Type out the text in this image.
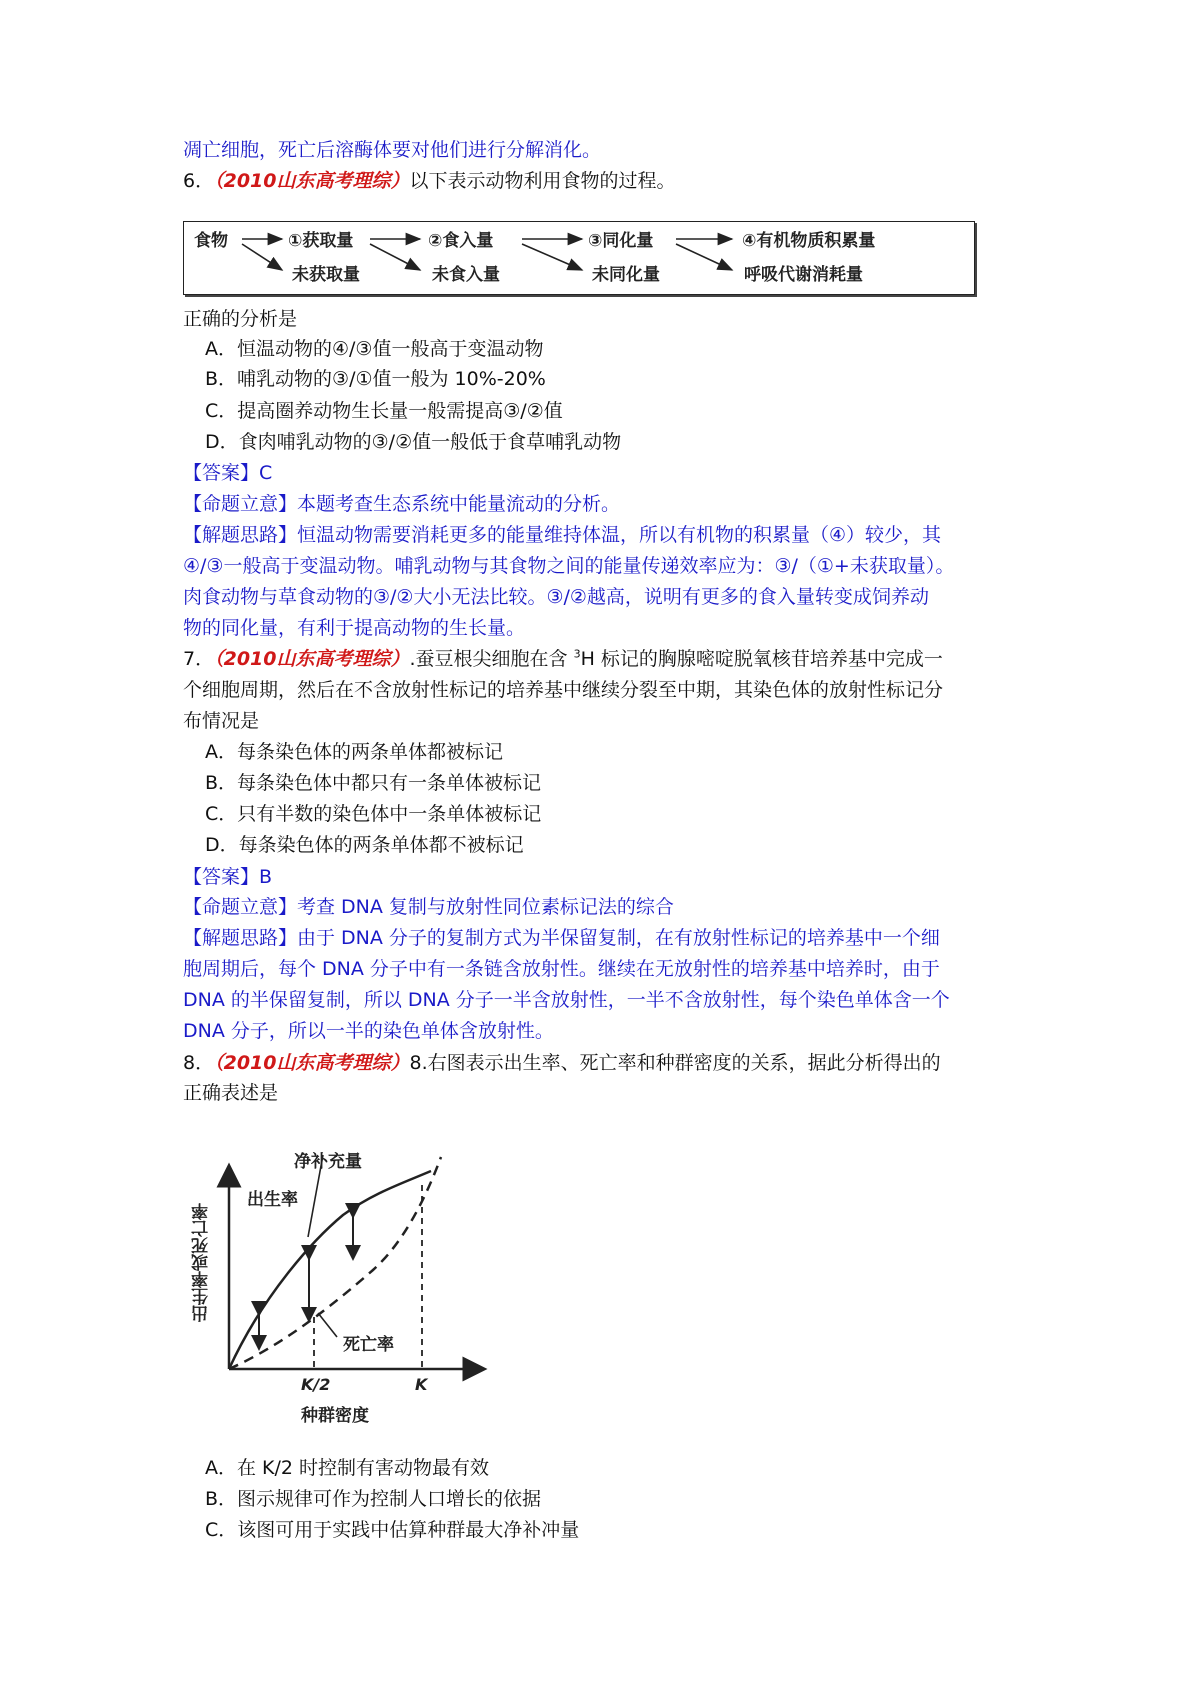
凋亡细胞，死亡后溶酶体要对他们进行分解消化。
6．（2010山东高考理综）以下表示动物利用食物的过程。
食物	①获取量	②食入量	③同化量	④有机物质积累量
未获取量	未食入量	未同化量	呼吸代谢消耗量
正确的分析是
A．恒温动物的④/③值一般高于变温动物
B．哺乳动物的③/①值一般为 10%-20%
C．提高圈养动物生长量一般需提高③/②值
D．食肉哺乳动物的③/②值一般低于食草哺乳动物
【答案】C
【命题立意】本题考查生态系统中能量流动的分析。
【解题思路】恒温动物需要消耗更多的能量维持体温，所以有机物的积累量（④）较少，其
④/③一般高于变温动物。哺乳动物与其食物之间的能量传递效率应为：③/（①+未获取量）。
肉食动物与草食动物的③/②大小无法比较。③/②越高，说明有更多的食入量转变成饲养动
物的同化量，有利于提高动物的生长量。
7．（2010山东高考理综）.蚕豆根尖细胞在含 $^3$H 标记的胸腺嘧啶脱氧核苷培养基中完成一
个细胞周期，然后在不含放射性标记的培养基中继续分裂至中期，其染色体的放射性标记分
布情况是
A．每条染色体的两条单体都被标记
B．每条染色体中都只有一条单体被标记
C．只有半数的染色体中一条单体被标记
D．每条染色体的两条单体都不被标记
【答案】B
【命题立意】考查 DNA 复制与放射性同位素标记法的综合
【解题思路】由于 DNA 分子的复制方式为半保留复制，在有放射性标记的培养基中一个细
胞周期后，每个 DNA 分子中有一条链含放射性。继续在无放射性的培养基中培养时，由于
DNA 的半保留复制，所以 DNA 分子一半含放射性，一半不含放射性，每个染色单体含一个
DNA 分子，所以一半的染色单体含放射性。
8．（2010山东高考理综）8.右图表示出生率、死亡率和种群密度的关系，据此分析得出的
正确表述是
净补充量
出生率
死亡率
出生率或死亡率
K/2	K
种群密度
A．在 K/2 时控制有害动物最有效
B．图示规律可作为控制人口增长的依据
C．该图可用于实践中估算种群最大净补冲量
